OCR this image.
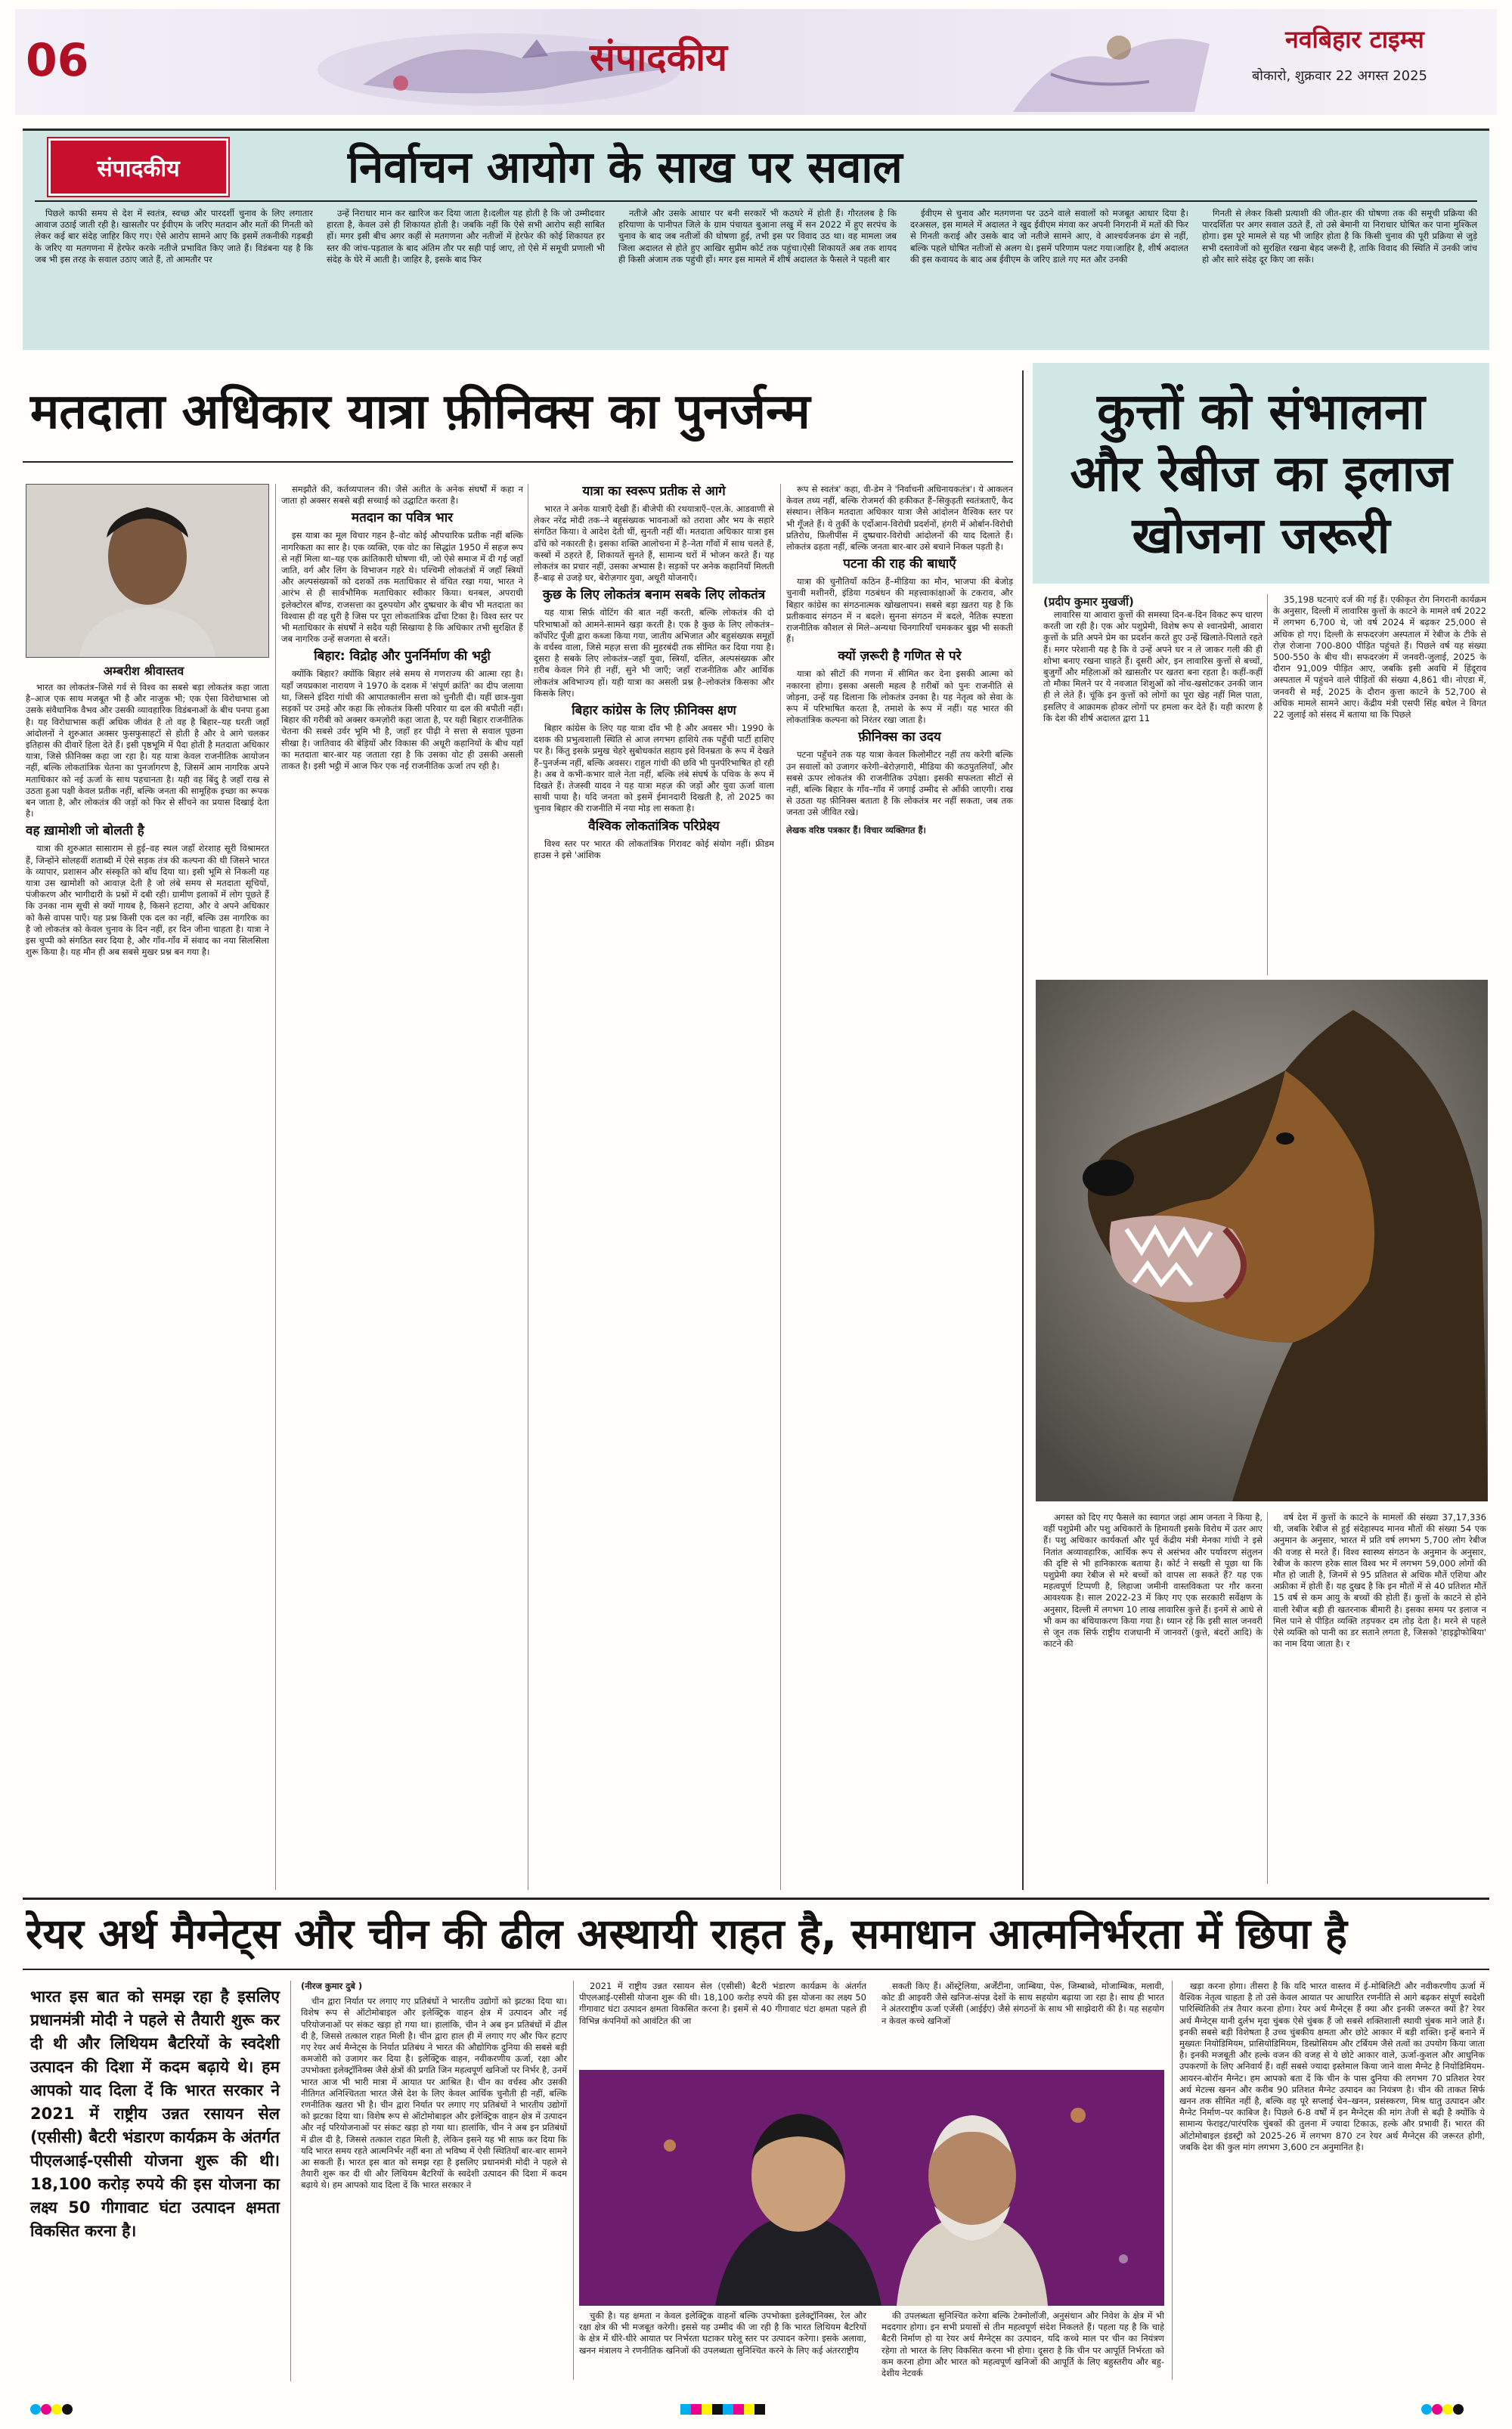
06	संपादकीय	नवबिहार टाइम्स
बोकारो, शुक्रवार 22 अगस्त 2025
संपादकीय	निर्वाचन आयोग के साख पर सवाल

पिछले काफी समय से देश में स्वतंत्र, स्वच्छ और पारदर्शी चुनाव के लिए लगातार आवाज उठाई जाती रही है। खासतौर पर ईवीएम के जरिए मतदान और मतों की गिनती को लेकर कई बार संदेह जाहिर किए गए। ऐसे आरोप सामने आए कि इसमें तकनीकी गड़बड़ी के जरिए या मतगणना में हेरफेर करके नतीजे प्रभावित किए जाते हैं। विडंबना यह है कि जब भी इस तरह के सवाल उठाए जाते हैं, तो आमतौर पर

उन्हें निराधार मान कर खारिज कर दिया जाता है।दलील यह होती है कि जो उम्मीदवार हारता है, केवल उसे ही शिकायत होती है। जबकि नहीं कि ऐसे सभी आरोप सही साबित हों। मगर इसी बीच अगर कहीं से मतगणना और नतीजों में हेरफेर की कोई शिकायत हर स्तर की जांच-पड़ताल के बाद अंतिम तौर पर सही पाई जाए, तो ऐसे में समूची प्रणाली भी संदेह के घेरे में आती है। जाहिर है, इसके बाद फिर

नतीजे और उसके आधार पर बनी सरकारें भी कठघरे में होती हैं। गौरतलब है कि हरियाणा के पानीपत जिले के ग्राम पंचायत बुआना लखु में सन 2022 में हुए सरपंच के चुनाव के बाद जब नतीजों की घोषणा हुई, तभी इस पर विवाद उठ था। वह मामला जब जिला अदालत से होते हुए आखिर सुप्रीम कोर्ट तक पहुंचा।ऐसी शिकायतें अब तक शायद ही किसी अंजाम तक पहुंची हों। मगर इस मामले में शीर्ष अदालत के फैसले ने पहली बार

ईवीएम से चुनाव और मतगणना पर उठने वाले सवालों को मजबूत आधार दिया है। दरअसल, इस मामले में अदालत ने खुद ईवीएम मंगवा कर अपनी निगरानी में मतों की फिर से गिनती कराई और उसके बाद जो नतीजे सामने आए, वे आश्चर्यजनक ढंग से नहीं, बल्कि पहले घोषित नतीजों से अलग थे। इसमें परिणाम पलट गया।जाहिर है, शीर्ष अदालत की इस कवायद के बाद अब ईवीएम के जरिए डाले गए मत और उनकी

गिनती से लेकर किसी प्रत्याशी की जीत-हार की घोषणा तक की समूची प्रक्रिया की पारदर्शिता पर अगर सवाल उठते हैं, तो उसे बेमानी या निराधार घोषित कर पाना मुश्किल होगा। इस पूरे मामले से यह भी जाहिर होता है कि किसी चुनाव की पूरी प्रक्रिया से जुड़े सभी दस्तावेजों को सुरक्षित रखना बेहद जरूरी है, ताकि विवाद की स्थिति में उनकी जांच हो और सारे संदेह दूर किए जा सकें।

मतदाता अधिकार यात्रा फ़ीनिक्स का पुनर्जन्म
अम्बरीश श्रीवास्तव

भारत का लोकतंत्र–जिसे गर्व से विश्व का सबसे बड़ा लोकतंत्र कहा जाता है–आज एक साथ मजबूत भी है और नाजुक भी; एक ऐसा विरोधाभास जो उसके संवैधानिक वैभव और उसकी व्यावहारिक विडंबनाओं के बीच पनपा हुआ है। यह विरोधाभास कहीं अधिक जीवंत है तो वह है बिहार–यह धरती जहाँ आंदोलनों ने शुरुआत अक्सर फुसफुसाहटों से होती है और वे आगे चलकर इतिहास की दीवारें हिला देते हैं। इसी पृष्ठभूमि में पैदा होती है मतदाता अधिकार यात्रा, जिसे फ़ीनिक्स कहा जा रहा है। यह यात्रा केवल राजनीतिक आयोजन नहीं, बल्कि लोकतांत्रिक चेतना का पुनर्जागरण है, जिसमें आम नागरिक अपने मताधिकार को नई ऊर्जा के साथ पहचानता है। यही वह बिंदु है जहाँ राख से उठता हुआ पक्षी केवल प्रतीक नहीं, बल्कि जनता की सामूहिक इच्छा का रूपक बन जाता है, और लोकतंत्र की जड़ों को फिर से सींचने का प्रयास दिखाई देता है।

वह ख़ामोशी जो बोलती है

यात्रा की शुरुआत सासाराम से हुई–वह स्थल जहाँ शेरशाह सूरी विश्रामरत हैं, जिन्होंने सोलहवीं शताब्दी में ऐसे सड़क तंत्र की कल्पना की थी जिसने भारत के व्यापार, प्रशासन और संस्कृति को बाँध दिया था। इसी भूमि से निकली यह यात्रा उस खामोशी को आवाज़ देती है जो लंबे समय से मतदाता सूचियों, पंजीकरण और भागीदारी के प्रश्नों में दबी रही। ग्रामीण इलाकों में लोग पूछते हैं कि उनका नाम सूची से क्यों गायब है, किसने हटाया, और वे अपने अधिकार को कैसे वापस पाएँ। यह प्रश्न किसी एक दल का नहीं, बल्कि उस नागरिक का है जो लोकतंत्र को केवल चुनाव के दिन नहीं, हर दिन जीना चाहता है। यात्रा ने इस चुप्पी को संगठित स्वर दिया है, और गाँव-गाँव में संवाद का नया सिलसिला शुरू किया है। यह मौन ही अब सबसे मुखर प्रश्न बन गया है।

समझौते की, कर्तव्यपालन की। जैसे अतीत के अनेक संघर्षों में कहा न जाता हो अक्सर सबसे बड़ी सच्चाई को उद्घाटित करता है।

मतदान का पवित्र भार

इस यात्रा का मूल विचार गहन है–वोट कोई औपचारिक प्रतीक नहीं बल्कि नागरिकता का सार है। एक व्यक्ति, एक वोट का सिद्धांत 1950 में सहज रूप से नहीं मिला था–यह एक क्रांतिकारी घोषणा थी, जो ऐसे समाज में दी गई जहाँ जाति, वर्ग और लिंग के विभाजन गहरे थे। पश्चिमी लोकतंत्रों में जहाँ स्त्रियों और अल्पसंख्यकों को दशकों तक मताधिकार से वंचित रखा गया, भारत ने आरंभ से ही सार्वभौमिक मताधिकार स्वीकार किया। धनबल, अपराधी इलेक्टोरल बॉण्ड, राजसत्ता का दुरुपयोग और दुष्प्रचार के बीच भी मतदाता का विश्वास ही वह धुरी है जिस पर पूरा लोकतांत्रिक ढाँचा टिका है। विश्व स्तर पर भी मताधिकार के संघर्षों ने सदैव यही सिखाया है कि अधिकार तभी सुरक्षित हैं जब नागरिक उन्हें सजगता से बरतें।

बिहार: विद्रोह और पुनर्निर्माण की भट्ठी

क्योंकि बिहार? क्योंकि बिहार लंबे समय से गणराज्य की आत्मा रहा है। यहाँ जयप्रकाश नारायण ने 1970 के दशक में 'संपूर्ण क्रांति' का दीप जलाया था, जिसने इंदिरा गांधी की आपातकालीन सत्ता को चुनौती दी। यहीं छात्र-युवा सड़कों पर उमड़े और कहा कि लोकतंत्र किसी परिवार या दल की बपौती नहीं। बिहार की गरीबी को अक्सर कमज़ोरी कहा जाता है, पर यही बिहार राजनीतिक चेतना की सबसे उर्वर भूमि भी है, जहाँ हर पीढ़ी ने सत्ता से सवाल पूछना सीखा है। जातिवाद की बेड़ियों और विकास की अधूरी कहानियों के बीच यहाँ का मतदाता बार-बार यह जताता रहा है कि उसका वोट ही उसकी असली ताकत है। इसी भट्ठी में आज फिर एक नई राजनीतिक ऊर्जा तप रही है।

यात्रा का स्वरूप प्रतीक से आगे

भारत ने अनेक यात्राएँ देखी हैं। बीजेपी की रथयात्राएँ–एल.के. आडवाणी से लेकर नरेंद्र मोदी तक–ने बहुसंख्यक भावनाओं को तराशा और भय के सहारे संगठित किया। वे आदेश देती थीं, सुनती नहीं थीं। मतदाता अधिकार यात्रा इस ढाँचे को नकारती है। इसका शक्ति आलोचना में है–नेता गाँवों में साथ चलते हैं, कस्बों में ठहरते हैं, शिकायतें सुनते हैं, सामान्य घरों में भोजन करते हैं। यह लोकतंत्र का प्रचार नहीं, उसका अभ्यास है। सड़कों पर अनेक कहानियाँ मिलती हैं–बाढ़ से उजड़े घर, बेरोज़गार युवा, अधूरी योजनाएँ।

कुछ के लिए लोकतंत्र बनाम सबके लिए लोकतंत्र

यह यात्रा सिर्फ़ वोटिंग की बात नहीं करती, बल्कि लोकतंत्र की दो परिभाषाओं को आमने-सामने खड़ा करती है। एक है कुछ के लिए लोकतंत्र–कॉर्पोरेट पूँजी द्वारा कब्जा किया गया, जातीय अभिजात और बहुसंख्यक समूहों के वर्चस्व वाला, जिसे महज़ सत्ता की मुहरबंदी तक सीमित कर दिया गया है। दूसरा है सबके लिए लोकतंत्र–जहाँ युवा, स्त्रियाँ, दलित, अल्पसंख्यक और ग़रीब केवल गिने ही नहीं, सुने भी जाएँ; जहाँ राजनीतिक और आर्थिक लोकतंत्र अविभाज्य हों। यही यात्रा का असली प्रश्न है–लोकतंत्र किसका और किसके लिए।

बिहार कांग्रेस के लिए फ़ीनिक्स क्षण

बिहार कांग्रेस के लिए यह यात्रा दाँव भी है और अवसर भी। 1990 के दशक की प्रभुत्वशाली स्थिति से आज लगभग हाशिये तक पहुँची पार्टी हाशिए पर है। किंतु इसके प्रमुख चेहरे सुबोधकांत सहाय इसे विनम्रता के रूप में देखते हैं–पुनर्जन्म नहीं, बल्कि अवसर। राहुल गांधी की छवि भी पुनर्परिभाषित हो रही है। अब वे कभी-कभार वाले नेता नहीं, बल्कि लंबे संघर्ष के पथिक के रूप में दिखते हैं। तेजस्वी यादव ने यह यात्रा महज़ की जड़ों और युवा ऊर्जा वाला साथी पाया है। यदि जनता को इसमें ईमानदारी दिखती है, तो 2025 का चुनाव बिहार की राजनीति में नया मोड़ ला सकता है।

वैश्विक लोकतांत्रिक परिप्रेक्ष्य

विश्व स्तर पर भारत की लोकतांत्रिक गिरावट कोई संयोग नहीं। फ्रीडम हाउस ने इसे 'आंशिक

रूप से स्वतंत्र' कहा, वी-डेम ने 'निर्वाचनी अधिनायकतंत्र'। ये आकलन केवल तथ्य नहीं, बल्कि रोजमर्रा की हकीकत हैं–सिकुड़ती स्वतंत्रताएँ, कैद संस्थान। लेकिन मतदाता अधिकार यात्रा जैसे आंदोलन वैश्विक स्तर पर भी गूँजते हैं। ये तुर्की के एर्दोआन-विरोधी प्रदर्शनों, हंगरी में ओर्बान-विरोधी प्रतिरोध, फ़िलीपींस में दुष्प्रचार-विरोधी आंदोलनों की याद दिलाते हैं। लोकतंत्र ढहता नहीं, बल्कि जनता बार-बार उसे बचाने निकल पड़ती है।

पटना की राह की बाधाएँ

यात्रा की चुनौतियाँ कठिन हैं–मीडिया का मौन, भाजपा की बेजोड़ चुनावी मशीनरी, इंडिया गठबंधन की महत्त्वाकांक्षाओं के टकराव, और बिहार कांग्रेस का संगठनात्मक खोखलापन। सबसे बड़ा ख़तरा यह है कि प्रतीकवाद संगठन में न बदले। सुनना संगठन में बदले, नैतिक स्पष्टता राजनीतिक कौशल से मिले–अन्यथा चिनगारियाँ चमककर बुझ भी सकती हैं।

क्यों ज़रूरी है गणित से परे

यात्रा को सीटों की गणना में सीमित कर देना इसकी आत्मा को नकारना होगा। इसका असली महत्व है ग़रीबों को पुनः राजनीति से जोड़ना, उन्हें यह दिलाना कि लोकतंत्र उनका है। यह नेतृत्व को सेवा के रूप में परिभाषित करता है, तमाशे के रूप में नहीं। यह भारत की लोकतांत्रिक कल्पना को निरंतर रखा जाता है।

फ़ीनिक्स का उदय

पटना पहुँचने तक यह यात्रा केवल किलोमीटर नहीं तय करेगी बल्कि उन सवालों को उजागर करेगी–बेरोज़गारी, मीडिया की कठपुतलियाँ, और सबसे ऊपर लोकतंत्र की राजनीतिक उपेक्षा। इसकी सफलता सीटों से नहीं, बल्कि बिहार के गाँव–गाँव में जगाई उम्मीद से आँकी जाएगी। राख से उठता यह फ़ीनिक्स बताता है कि लोकतंत्र मर नहीं सकता, जब तक जनता उसे जीवित रखे।

लेखक वरिष्ठ पत्रकार हैं। विचार व्यक्तिगत हैं।

कुत्तों को संभालना और रेबीज का इलाज खोजना जरूरी
(प्रदीप कुमार मुखर्जी)

लावारिस या आवारा कुत्तों की समस्या दिन-ब-दिन विकट रूप धारण करती जा रही है। एक ओर पशुप्रेमी, विशेष रूप से श्वानप्रेमी, आवारा कुत्तों के प्रति अपने प्रेम का प्रदर्शन करते हुए उन्हें खिलाते-पिलाते रहते हैं। मगर परेशानी यह है कि वे उन्हें अपने घर न ले जाकर गली की ही शोभा बनाए रखना चाहते हैं। दूसरी ओर, इन लावारिस कुत्तों से बच्चों, बुजुर्गों और महिलाओं को खासतौर पर खतरा बना रहता है। कहीं-कहीं तो मौका मिलने पर ये नवजात शिशुओं को नोंच-खसोटकर उनकी जान ही ले लेते हैं। चूंकि इन कुत्तों को लोगों का पूरा खेह नहीं मिल पाता, इसलिए वे आक्रामक होकर लोगों पर हमला कर देते हैं। यही कारण है कि देश की शीर्ष अदालत द्वारा 11

35,198 घटनाएं दर्ज की गई हैं। एकीकृत रोग निगरानी कार्यक्रम के अनुसार, दिल्ली में लावारिस कुत्तों के काटने के मामले वर्ष 2022 में लगभग 6,700 थे, जो वर्ष 2024 में बढ़कर 25,000 से अधिक हो गए। दिल्ली के सफदरजंग अस्पताल में रेबीज के टीके से रोज़ रोजाना 700-800 पीड़ित पहुंचते हैं। पिछले वर्ष यह संख्या 500-550 के बीच थी। सफदरजंग में जनवरी-जुलाई, 2025 के दौरान 91,009 पीड़ित आए, जबकि इसी अवधि में हिंदूराव अस्पताल में पहुंचने वाले पीड़ितों की संख्या 4,861 थी। नोएडा में, जनवरी से मई, 2025 के दौरान कुत्ता काटने के 52,700 से अधिक मामले सामने आए। केंद्रीय मंत्री एसपी सिंह बघेल ने विगत 22 जुलाई को संसद में बताया था कि पिछले

अगस्त को दिए गए फैसले का स्वागत जहां आम जनता ने किया है, वहीं पशुप्रेमी और पशु अधिकारों के हिमायती इसके विरोध में उतर आए हैं। पशु अधिकार कार्यकर्ता और पूर्व केंद्रीय मंत्री मेनका गांधी ने इसे नितांत अव्यावहारिक, आर्थिक रूप से असंभव और पर्यावरण संतुलन की दृष्टि से भी हानिकारक बताया है। कोर्ट ने सख्ती से पूछा था कि पशुप्रेमी क्या रेबीज से मरे बच्चों को वापस ला सकते हैं? यह एक महत्वपूर्ण टिप्पणी है, लिहाजा जमीनी वास्तविकता पर गौर करना आवश्यक है। साल 2022-23 में किए गए एक सरकारी सर्वेक्षण के अनुसार, दिल्ली में लगभग 10 लाख लावारिस कुत्ते हैं। इनमें से आधे से भी कम का बंधियाकरण किया गया है। ध्यान रहे कि इसी साल जनवरी से जून तक सिर्फ राष्ट्रीय राजधानी में जानवरों (कुत्ते, बंदरों आदि) के काटने की

वर्ष देश में कुत्तों के काटने के मामलों की संख्या 37,17,336 थी, जबकि रेबीज से हुई संदेहास्पद मानव मौतों की संख्या 54 एक अनुमान के अनुसार, भारत में प्रति वर्ष लगभग 5,700 लोग रेबीज की वजह से मरते हैं। विश्व स्वास्थ्य संगठन के अनुमान के अनुसार, रेबीज के कारण हरेक साल विश्व भर में लगभग 59,000 लोगों की मौत हो जाती है, जिनमें से 95 प्रतिशत से अधिक मौतें एशिया और अफ्रीका में होती हैं। यह दुखद है कि इन मौतों में से 40 प्रतिशत मौतें 15 वर्ष से कम आयु के बच्चों की होती हैं। कुत्तों के काटने से होने वाली रेबीज बड़ी ही खतरनाक बीमारी है। इसका समय पर इलाज न मिल पाने से पीड़ित व्यक्ति तड़पकर दम तोड़ देता है। मरने से पहले ऐसे व्यक्ति को पानी का डर सताने लगता है, जिसको 'हाइड्रोफोबिया' का नाम दिया जाता है। र

रेयर अर्थ मैग्नेट्स और चीन की ढील अस्थायी राहत है, समाधान आत्मनिर्भरता में छिपा है
भारत इस बात को समझ रहा है इसलिए प्रधानमंत्री मोदी ने पहले से तैयारी शुरू कर दी थी और लिथियम बैटरियों के स्वदेशी उत्पादन की दिशा में कदम बढ़ाये थे। हम आपको याद दिला दें कि भारत सरकार ने 2021 में राष्ट्रीय उन्नत रसायन सेल (एसीसी) बैटरी भंडारण कार्यक्रम के अंतर्गत पीएलआई-एसीसी योजना शुरू की थी। 18,100 करोड़ रुपये की इस योजना का लक्ष्य 50 गीगावाट घंटा उत्पादन क्षमता विकसित करना है।

(नीरज कुमार दुबे )

चीन द्वारा निर्यात पर लगाए गए प्रतिबंधों ने भारतीय उद्योगों को झटका दिया था। विशेष रूप से ऑटोमोबाइल और इलेक्ट्रिक वाहन क्षेत्र में उत्पादन और नई परियोजनाओं पर संकट खड़ा हो गया था। हालांकि, चीन ने अब इन प्रतिबंधों में ढील दी है, जिससे तत्काल राहत मिली है। चीन द्वारा हाल ही में लगाए गए और फिर हटाए गए रेयर अर्थ मैग्नेट्स के निर्यात प्रतिबंध ने भारत की औद्योगिक दुनिया की सबसे बड़ी कमजोरी को उजागर कर दिया है। इलेक्ट्रिक वाहन, नवीकरणीय ऊर्जा, रक्षा और उपभोक्ता इलेक्ट्रॉनिक्स जैसे क्षेत्रों की प्रगति जिन महत्वपूर्ण खनिजों पर निर्भर है, उनमें भारत आज भी भारी मात्रा में आयात पर आश्रित है। चीन का वर्चस्व और उसकी नीतिगत अनिश्चितता भारत जैसे देश के लिए केवल आर्थिक चुनौती ही नहीं, बल्कि रणनीतिक खतरा भी है। चीन द्वारा निर्यात पर लगाए गए प्रतिबंधों ने भारतीय उद्योगों को झटका दिया था। विशेष रूप से ऑटोमोबाइल और इलेक्ट्रिक वाहन क्षेत्र में उत्पादन और नई परियोजनाओं पर संकट खड़ा हो गया था। हालांकि, चीन ने अब इन प्रतिबंधों में ढील दी है, जिससे तत्काल राहत मिली है, लेकिन इसने यह भी साफ़ कर दिया कि यदि भारत समय रहते आत्मनिर्भर नहीं बना तो भविष्य में ऐसी स्थितियाँ बार-बार सामने आ सकती हैं। भारत इस बात को समझ रहा है इसलिए प्रधानमंत्री मोदी ने पहले से तैयारी शुरू कर दी थी और लिथियम बैटरियों के स्वदेशी उत्पादन की दिशा में कदम बढ़ाये थे। हम आपको याद दिला दें कि भारत सरकार ने

2021 में राष्ट्रीय उन्नत रसायन सेल (एसीसी) बैटरी भंडारण कार्यक्रम के अंतर्गत पीएलआई-एसीसी योजना शुरू की थी। 18,100 करोड़ रुपये की इस योजना का लक्ष्य 50 गीगावाट घंटा उत्पादन क्षमता विकसित करना है। इसमें से 40 गीगावाट घंटा क्षमता पहले ही विभिन्न कंपनियों को आवंटित की जा

सकती किए हैं। ऑस्ट्रेलिया, अर्जेंटीना, जाम्बिया, पेरू, जिम्बाब्वे, मोजाम्बिक, मलावी, कोट डी आइवरी जैसे खनिज-संपन्न देशों के साथ सहयोग बढ़ाया जा रहा है। साथ ही भारत ने अंतरराष्ट्रीय ऊर्जा एजेंसी (आईईए) जैसे संगठनों के साथ भी साझेदारी की है। यह सहयोग न केवल कच्चे खनिजों

चुकी है। यह क्षमता न केवल इलेक्ट्रिक वाहनों बल्कि उपभोक्ता इलेक्ट्रॉनिक्स, रेल और रक्षा क्षेत्र की भी मजबूत करेगी। इससे यह उम्मीद की जा रही है कि भारत लिथियम बैटरियों के क्षेत्र में धीरे-धीरे आयात पर निर्भरता घटाकर घरेलू स्तर पर उत्पादन करेगा। इसके अलावा, खनन मंत्रालय ने रणनीतिक खनिजों की उपलब्धता सुनिश्चित करने के लिए कई अंतरराष्ट्रीय

की उपलब्धता सुनिश्चित करेगा बल्कि टेक्नोलॉजी, अनुसंधान और निवेश के क्षेत्र में भी मददगार होगा। इन सभी प्रयासों से तीन महत्वपूर्ण संदेश निकलते हैं। पहला यह है कि चाहे बैटरी निर्माण हो या रेयर अर्थ मैग्नेट्स का उत्पादन, यदि कच्चे माल पर चीन का नियंत्रण रहेगा तो भारत के लिए विकसित करना भी होगा। दूसरा है कि चीन पर आपूर्ति निर्भरता को कम करना होगा और भारत को महत्वपूर्ण खनिजों की आपूर्ति के लिए बहुस्तरीय और बहु-देशीय नेटवर्क

खड़ा करना होगा। तीसरा है कि यदि भारत वास्तव में ई-मोबिलिटी और नवीकरणीय ऊर्जा में वैश्विक नेतृत्व चाहता है तो उसे केवल आयात पर आधारित रणनीति से आगे बढ़कर संपूर्ण स्वदेशी पारिस्थितिकी तंत्र तैयार करना होगा। रेयर अर्थ मैग्नेट्स हैं क्या और इनकी जरूरत क्यों है? रेयर अर्थ मैग्नेट्स यानी दुर्लभ मृदा चुंबक ऐसे चुंबक हैं जो सबसे शक्तिशाली स्थायी चुंबक माने जाते हैं। इनकी सबसे बड़ी विशेषता है उच्च चुंबकीय क्षमता और छोटे आकार में बड़ी शक्ति। इन्हें बनाने में मुख्यतः नियोडिमियम, प्रासियोडिमियम, डिस्प्रोसियम और टर्बियम जैसे तत्वों का उपयोग किया जाता है। इनकी मजबूती और हल्के वजन की वजह से ये छोटे आकार वाले, ऊर्जा-कुशल और आधुनिक उपकरणों के लिए अनिवार्य हैं। वहीं सबसे ज्यादा इस्तेमाल किया जाने वाला मैग्नेट है नियोडिमियम-आयरन-बोरॉन मैग्नेट। हम आपको बता दें कि चीन के पास दुनिया की लगभग 70 प्रतिशत रेयर अर्थ मेटल्स खनन और करीब 90 प्रतिशत मैग्नेट उत्पादन का नियंत्रण है। चीन की ताकत सिर्फ खनन तक सीमित नहीं है, बल्कि वह पूरे सप्लाई चेन–खनन, प्रसंस्करण, मिश्र धातु उत्पादन और मैग्नेट निर्माण–पर काबिज है। पिछले 6-8 वर्षों में इन मैग्नेट्स की मांग तेजी से बढ़ी है क्योंकि ये सामान्य फेराइट/पारंपरिक चुंबकों की तुलना में ज्यादा टिकाऊ, हल्के और प्रभावी हैं। भारत की ऑटोमोबाइल इंडस्ट्री को 2025-26 में लगभग 870 टन रेयर अर्थ मैग्नेट्स की जरूरत होगी, जबकि देश की कुल मांग लगभग 3,600 टन अनुमानित है।
